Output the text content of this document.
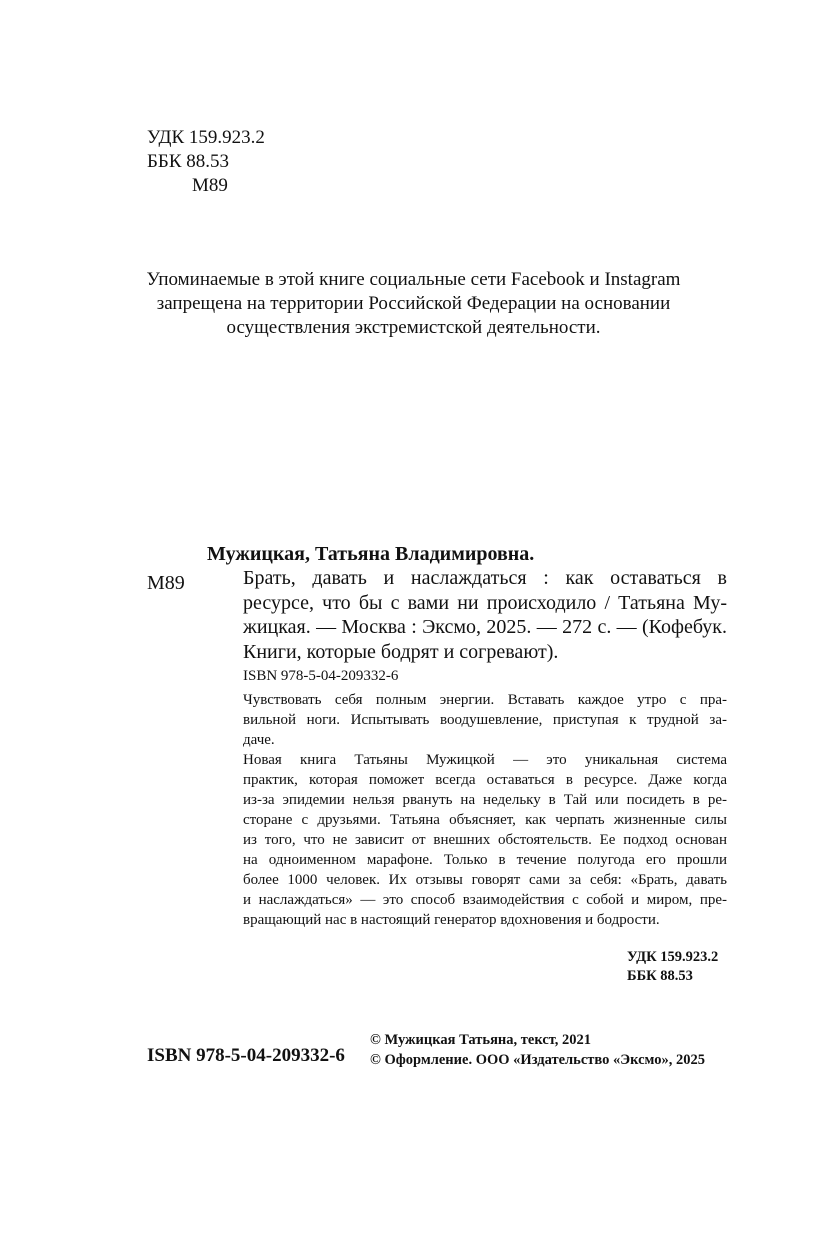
УДК 159.923.2
ББК 88.53
М89
Упоминаемые в этой книге социальные сети Facebook и Instagram
запрещена на территории Российской Федерации на основании
осуществления экстремистской деятельности.
Мужицкая, Татьяна Владимировна.
М89	Брать, давать и наслаждаться : как оставаться в
ресурсе, что бы с вами ни происходило / Татьяна Му-
жицкая. — Москва : Эксмо, 2025. — 272 с. — (Кофебук.
Книги, которые бодрят и согревают).
ISBN 978-5-04-209332-6
Чувствовать себя полным энергии. Вставать каждое утро с пра-
вильной ноги. Испытывать воодушевление, приступая к трудной за-
даче.
Новая книга Татьяны Мужицкой — это уникальная система
практик, которая поможет всегда оставаться в ресурсе. Даже когда
из-за эпидемии нельзя рвануть на недельку в Тай или посидеть в ре-
сторане с друзьями. Татьяна объясняет, как черпать жизненные силы
из того, что не зависит от внешних обстоятельств. Ее подход основан
на одноименном марафоне. Только в течение полугода его прошли
более 1000 человек. Их отзывы говорят сами за себя: «Брать, давать
и наслаждаться» — это способ взаимодействия с собой и миром, пре-
вращающий нас в настоящий генератор вдохновения и бодрости.
УДК 159.923.2
ББК 88.53
ISBN 978-5-04-209332-6
© Мужицкая Татьяна, текст, 2021
© Оформление. ООО «Издательство «Эксмо», 2025
